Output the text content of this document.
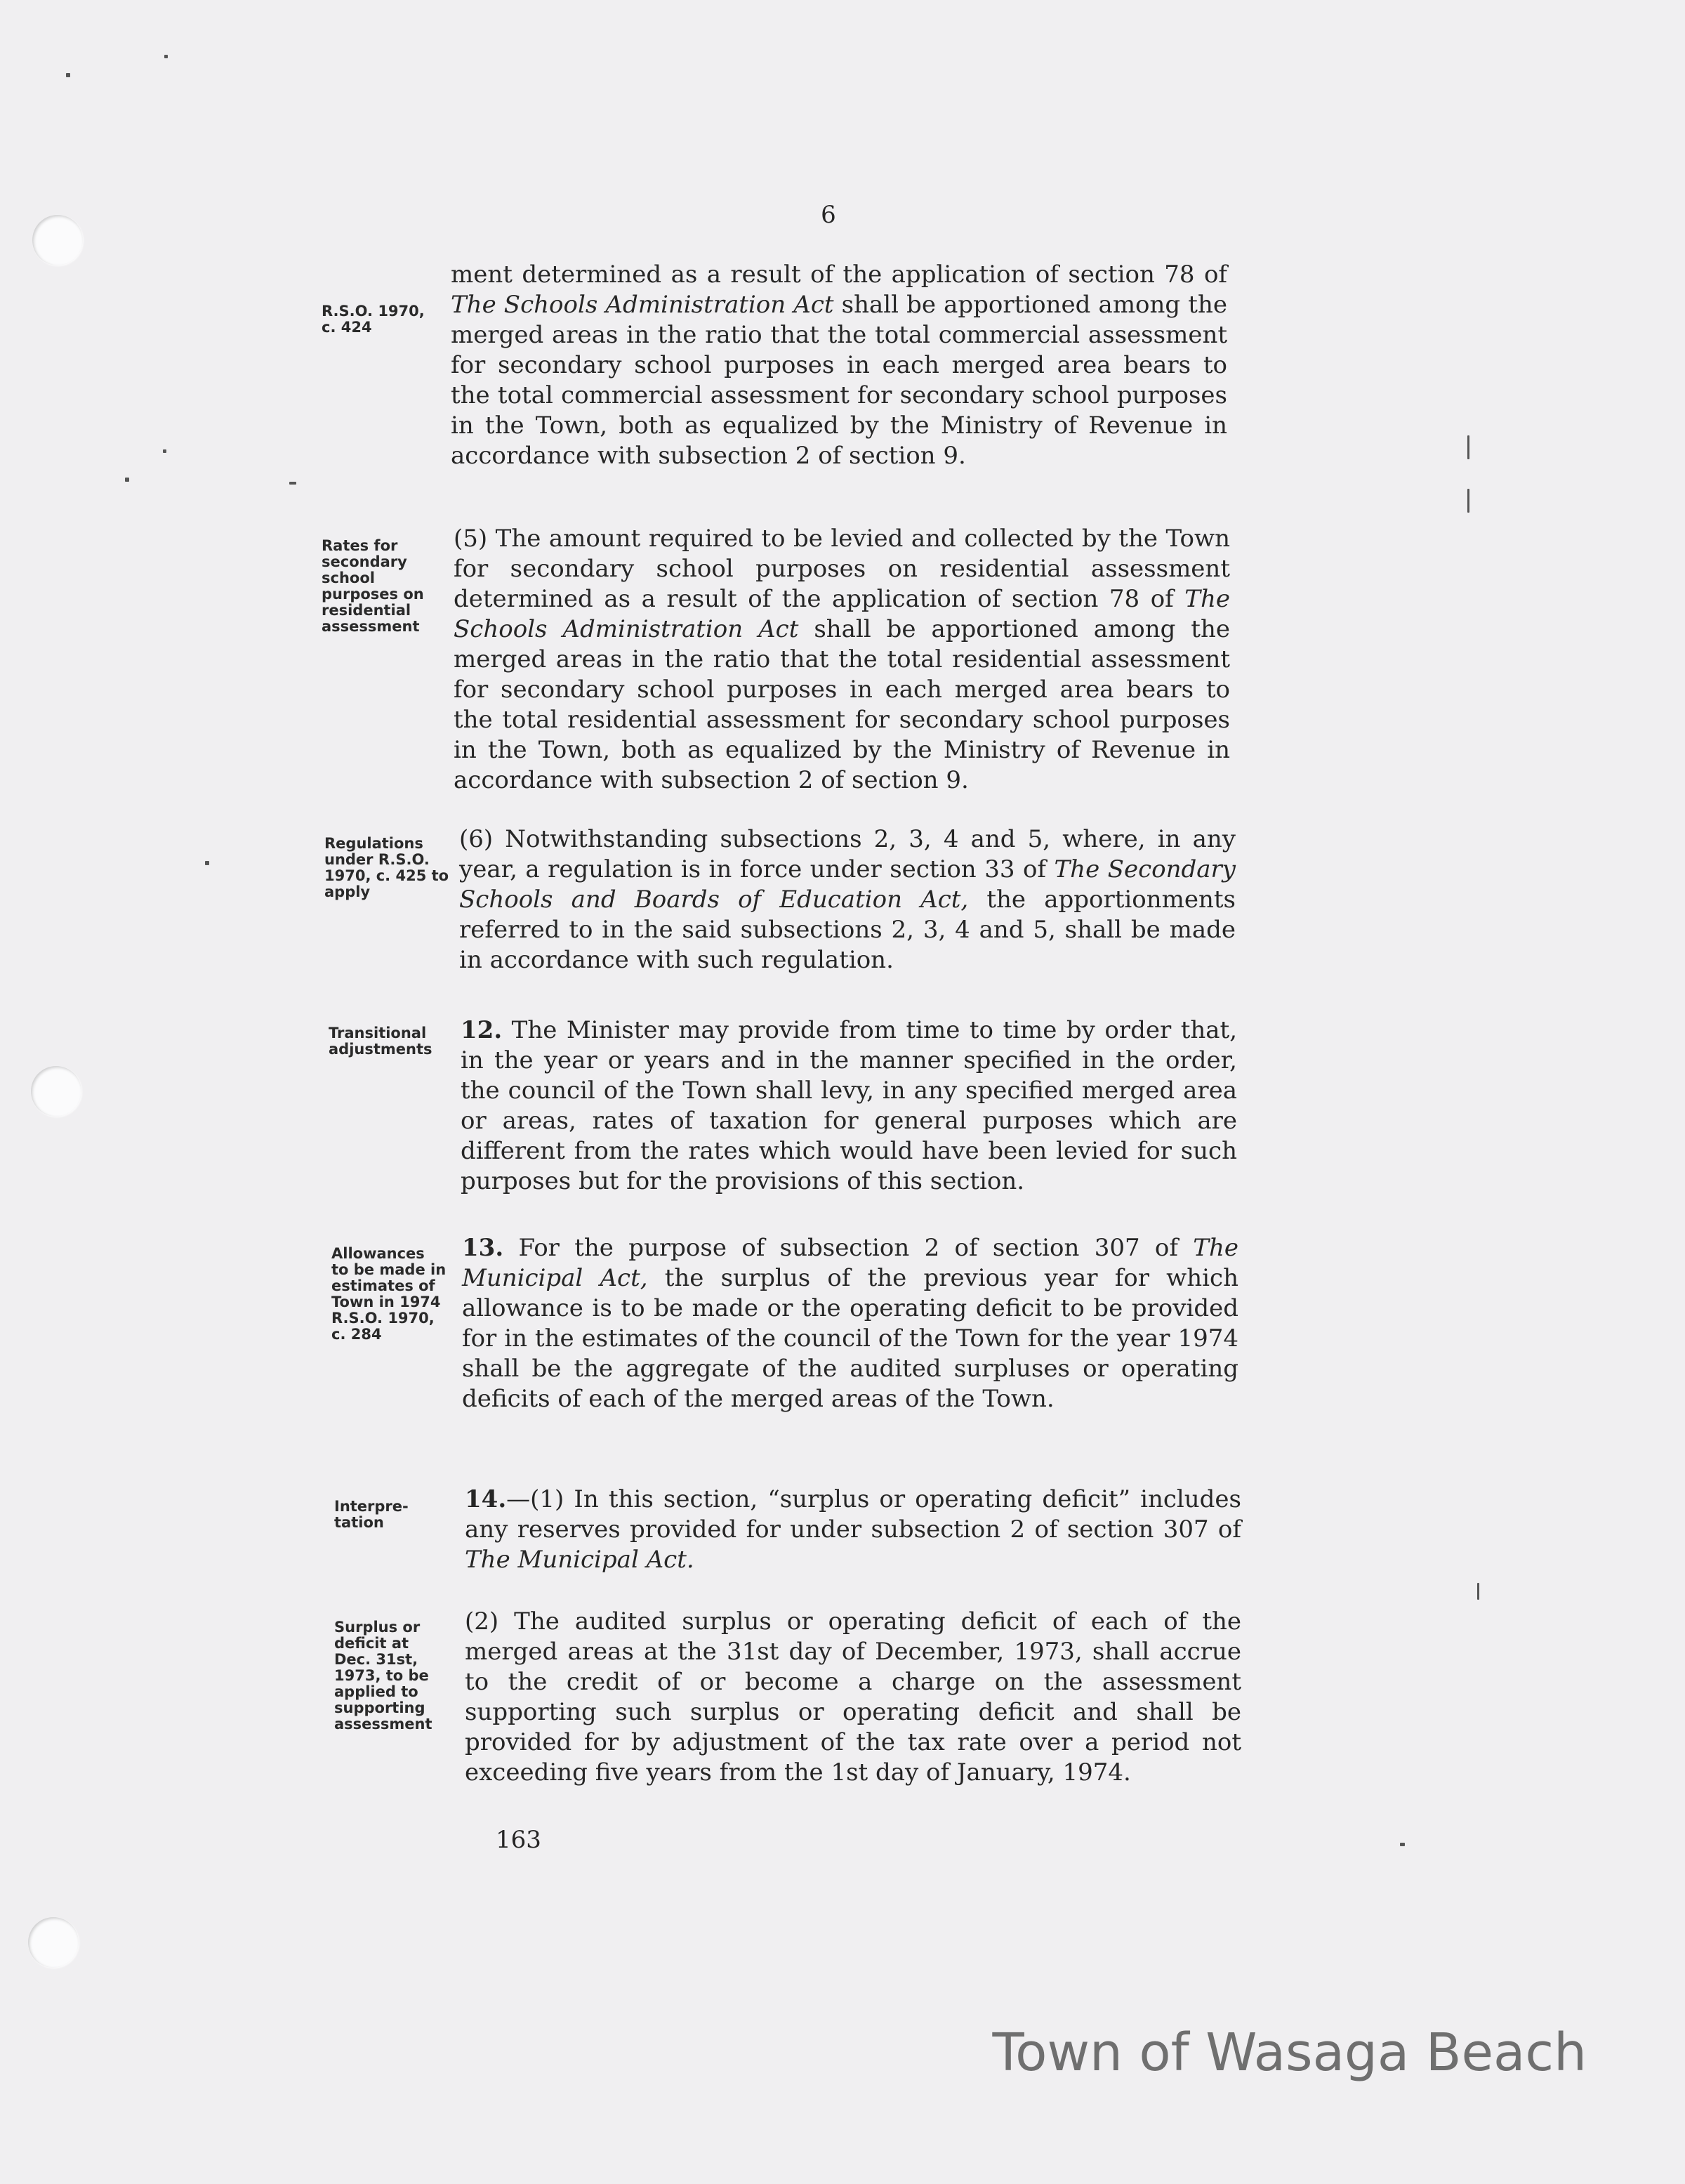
6
R.S.O. 1970,
c. 424
ment determined as a result of the application of section 78 of The Schools Administration Act shall be apportioned among the merged areas in the ratio that the total commercial assessment for secondary school purposes in each merged area bears to the total commercial assessment for secondary school purposes in the Town, both as equalized by the Ministry of Revenue in accordance with subsection 2 of section 9.
Rates for
secondary
school
purposes on
residential
assessment
(5) The amount required to be levied and collected by the Town for secondary school purposes on residential assessment determined as a result of the application of section 78 of The Schools Administration Act shall be apportioned among the merged areas in the ratio that the total residential assessment for secondary school purposes in each merged area bears to the total residential assessment for secondary school purposes in the Town, both as equalized by the Ministry of Revenue in accordance with subsection 2 of section 9.
Regulations
under R.S.O.
1970, c. 425 to
apply
(6) Notwithstanding subsections 2, 3, 4 and 5, where, in any year, a regulation is in force under section 33 of The Secondary Schools and Boards of Education Act, the apportionments referred to in the said subsections 2, 3, 4 and 5, shall be made in accordance with such regulation.
Transitional
adjustments
12. The Minister may provide from time to time by order that, in the year or years and in the manner specified in the order, the council of the Town shall levy, in any specified merged area or areas, rates of taxation for general purposes which are different from the rates which would have been levied for such purposes but for the provisions of this section.
Allowances
to be made in
estimates of
Town in 1974
R.S.O. 1970,
c. 284
13. For the purpose of subsection 2 of section 307 of The Municipal Act, the surplus of the previous year for which allowance is to be made or the operating deficit to be provided for in the estimates of the council of the Town for the year 1974 shall be the aggregate of the audited surpluses or operating deficits of each of the merged areas of the Town.
Interpre-
tation
14.—(1) In this section, “surplus or operating deficit” includes any reserves provided for under subsection 2 of section 307 of The Municipal Act.
Surplus or
deficit at
Dec. 31st,
1973, to be
applied to
supporting
assessment
(2) The audited surplus or operating deficit of each of the merged areas at the 31st day of December, 1973, shall accrue to the credit of or become a charge on the assessment supporting such surplus or operating deficit and shall be provided for by adjustment of the tax rate over a period not exceeding five years from the 1st day of January, 1974.
163
Town of Wasaga Beach
